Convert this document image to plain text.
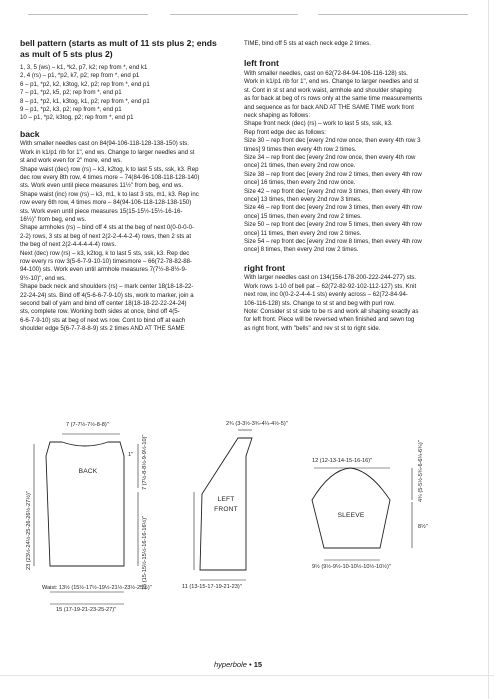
bell pattern (starts as mult of 11 sts plus 2; ends
as mult of 5 sts plus 2)
1, 3, 5 (ws) – k1, *k2, p7, k2; rep from *, end k1
2, 4 (rs) – p1, *p2, k7, p2; rep from *, end p1
6 – p1, *p2, k2, k3tog, k2, p2; rep from *, end p1
7 – p1, *p2, k5, p2; rep from *, end p1
8 – p1, *p2, k1, k3tog, k1, p2; rep from *, end p1
9 – p1, *p2, k3, p2; rep from *, end p1
10 – p1, *p2, k3tog, p2; rep from *, end p1
back
With smaller needles cast on 84(94-106-118-128-138-150) sts.
Work in k1/p1 rib for 1", end ws. Change to larger needles and st
st and work even for 2" more, end ws.
Shape waist (dec) row (rs) – k3, k2tog, k to last 5 sts, ssk, k3. Rep
dec row every 8th row, 4 times more – 74(84-96-108-118-128-140)
sts. Work even until piece measures 11½" from beg, end ws.
Shape waist (inc) row (rs) – k3, m1, k to last 3 sts, m1, k3. Rep inc
row every 6th row, 4 times more – 84(94-106-118-128-138-150)
sts. Work even until piece measures 15(15-15½-15½-16-16-
16½)" from beg, end ws.
Shape armholes (rs) – bind off 4 sts at the beg of next 0(0-0-0-0-
2-2) rows, 3 sts at beg of next 2(2-2-4-4-2-4) rows, then 2 sts at
the beg of next 2(2-4-4-4-4-4) rows.
Next (dec) row (rs) – k3, k2tog, k to last 5 sts, ssk, k3. Rep dec
row every rs row 3(5-6-7-9-10-10) timesmore – 66(72-78-82-88-
94-100) sts. Work even until armhole measures 7(7½-8-8½-9-
9½-10)", end ws.
Shape back neck and shoulders (rs) – mark center 18(18-18-22-
22-24-24) sts. Bind off 4(5-6-6-7-9-10) sts, work to marker, join a
second ball of yarn and bind off center 18(18-18-22-22-24-24)
sts, complete row. Working both sides at once, bind off 4(5-
6-6-7-9-10) sts at beg of next ws row. Cont to bind off at each
shoulder edge 5(6-7-7-8-8-9) sts 2 times AND AT THE SAME
TIME, bind off 5 sts at each neck edge 2 times.
left front
With smaller needles, cast on 62(72-84-94-106-116-128) sts.
Work in k1/p1 rib for 1", end ws. Change to larger needles and st
st. Cont in st st and work waist, armhole and shoulder shaping
as for back at beg of rs rows only at the same time measurements
and sequence as for back AND AT THE SAME TIME work front
neck shaping as follows:
Shape front neck (dec) (rs) – work to last 5 sts, ssk, k3.
Rep front edge dec as follows:
Size 30 – rep front dec [every 2nd row once, then every 4th row 3
times] 9 times then every 4th row 2 times.
Size 34 – rep front dec [every 2nd row once, then every 4th row
once] 21 times, then every 2nd row once.
Size 38 – rep front dec [every 2nd row 2 times, then every 4th row
once] 16 times, then every 2nd row once.
Size 42 – rep front dec [every 2nd row 3 times, then every 4th row
once] 13 times, then every 2nd row 3 times.
Size 46 – rep front dec [every 2nd row 3 times, then every 4th row
once] 15 times, then every 2nd row 2 times.
Size 50 – rep front dec [every 2nd row 5 times, then every 4th row
once] 11 times, then every 2nd row 2 times.
Size 54 – rep front dec [every 2nd row 8 times, then every 4th row
once] 8 times, then every 2nd row 2 times.
right front
With larger needles cast on 134(156-178-200-222-244-277) sts.
Work rows 1-10 of bell pat – 62(72-82-92-102-112-127) sts. Knit
next row, inc 0(0-2-2-4-4-1 sts) evenly across – 62(72-84-94-
106-116-128) sts. Change to st st and beg with purl row.
Note: Consider st st side to be rs and work all shaping exactly as
for left front. Piece will be reversed when finished and sewn tog
as right front, with "bells" and rev st st to right side.
7 (7-7½-7½-8-8)"
1"
BACK
23 (23½-24½-25-26-26½-27½)"
7 (7½-8-8½-9-9½-10)"
15 (15-15½-15½-16-16-16½)"
Waist: 13½ (15½-17½-19½-21½-23½-25½)"
15 (17-19-21-23-25-27)"
2¾ (3-3½-3¾-4¼-4½-5)"
LEFT
FRONT
11 (13-15-17-19-21-23)"
12 (12-13-14-15-16-16)"
SLEEVE
4¾ (5-5½-5¾-6-6¼-6¾)"
8½"
9½ (9½-9½-10-10½-10½-10½)"
hyperbole • 15
